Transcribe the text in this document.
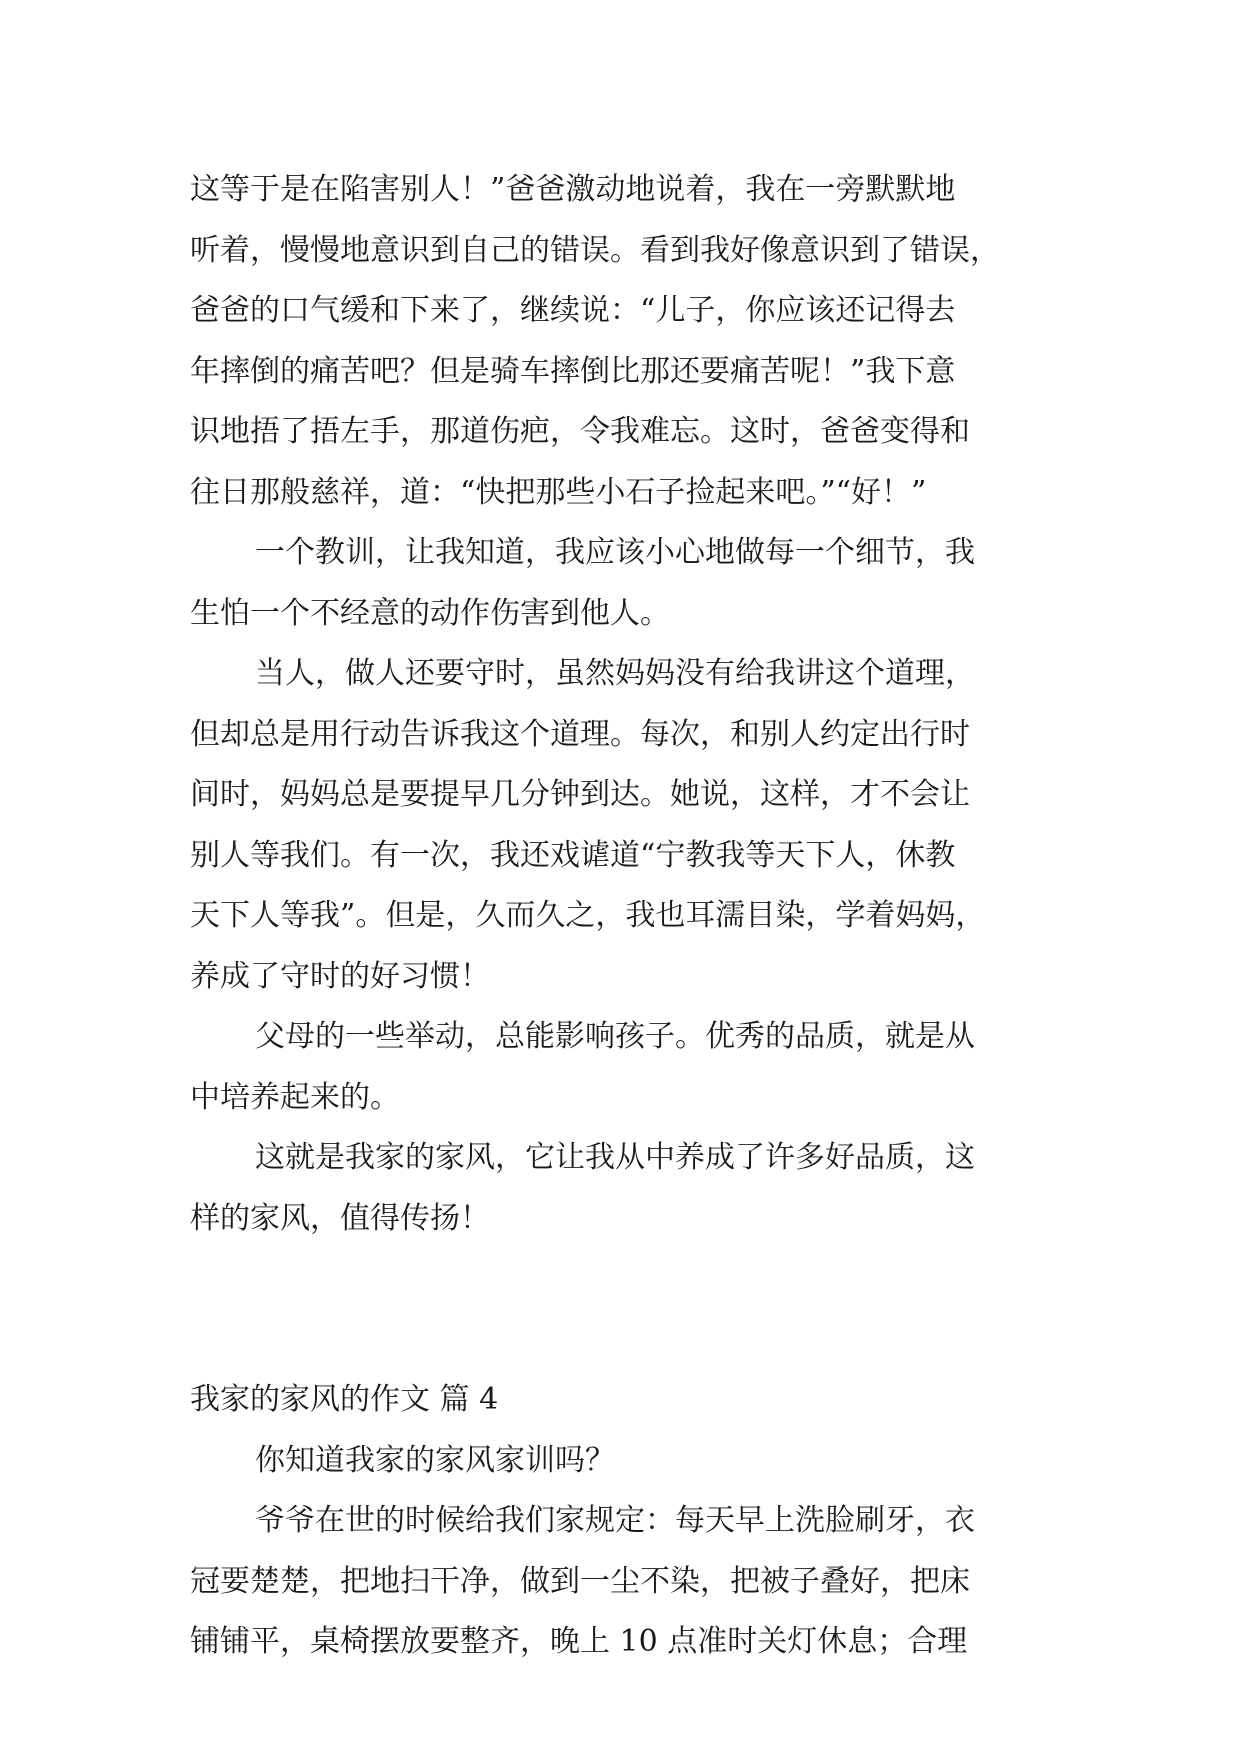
这等于是在陷害别人！”爸爸激动地说着，我在一旁默默地
听着，慢慢地意识到自己的错误。看到我好像意识到了错误，
爸爸的口气缓和下来了，继续说：“儿子，你应该还记得去
年摔倒的痛苦吧？但是骑车摔倒比那还要痛苦呢！”我下意
识地捂了捂左手，那道伤疤，令我难忘。这时，爸爸变得和
往日那般慈祥，道：“快把那些小石子捡起来吧。”“好！”
一个教训，让我知道，我应该小心地做每一个细节，我
生怕一个不经意的动作伤害到他人。
当人，做人还要守时，虽然妈妈没有给我讲这个道理，
但却总是用行动告诉我这个道理。每次，和别人约定出行时
间时，妈妈总是要提早几分钟到达。她说，这样，才不会让
别人等我们。有一次，我还戏谑道“宁教我等天下人，休教
天下人等我”。但是，久而久之，我也耳濡目染，学着妈妈，
养成了守时的好习惯！
父母的一些举动，总能影响孩子。优秀的品质，就是从
中培养起来的。
这就是我家的家风，它让我从中养成了许多好品质，这
样的家风，值得传扬！
我家的家风的作文 篇 4
你知道我家的家风家训吗？
爷爷在世的时候给我们家规定：每天早上洗脸刷牙，衣
冠要楚楚，把地扫干净，做到一尘不染，把被子叠好，把床
铺铺平，桌椅摆放要整齐，晚上 10 点准时关灯休息；合理
